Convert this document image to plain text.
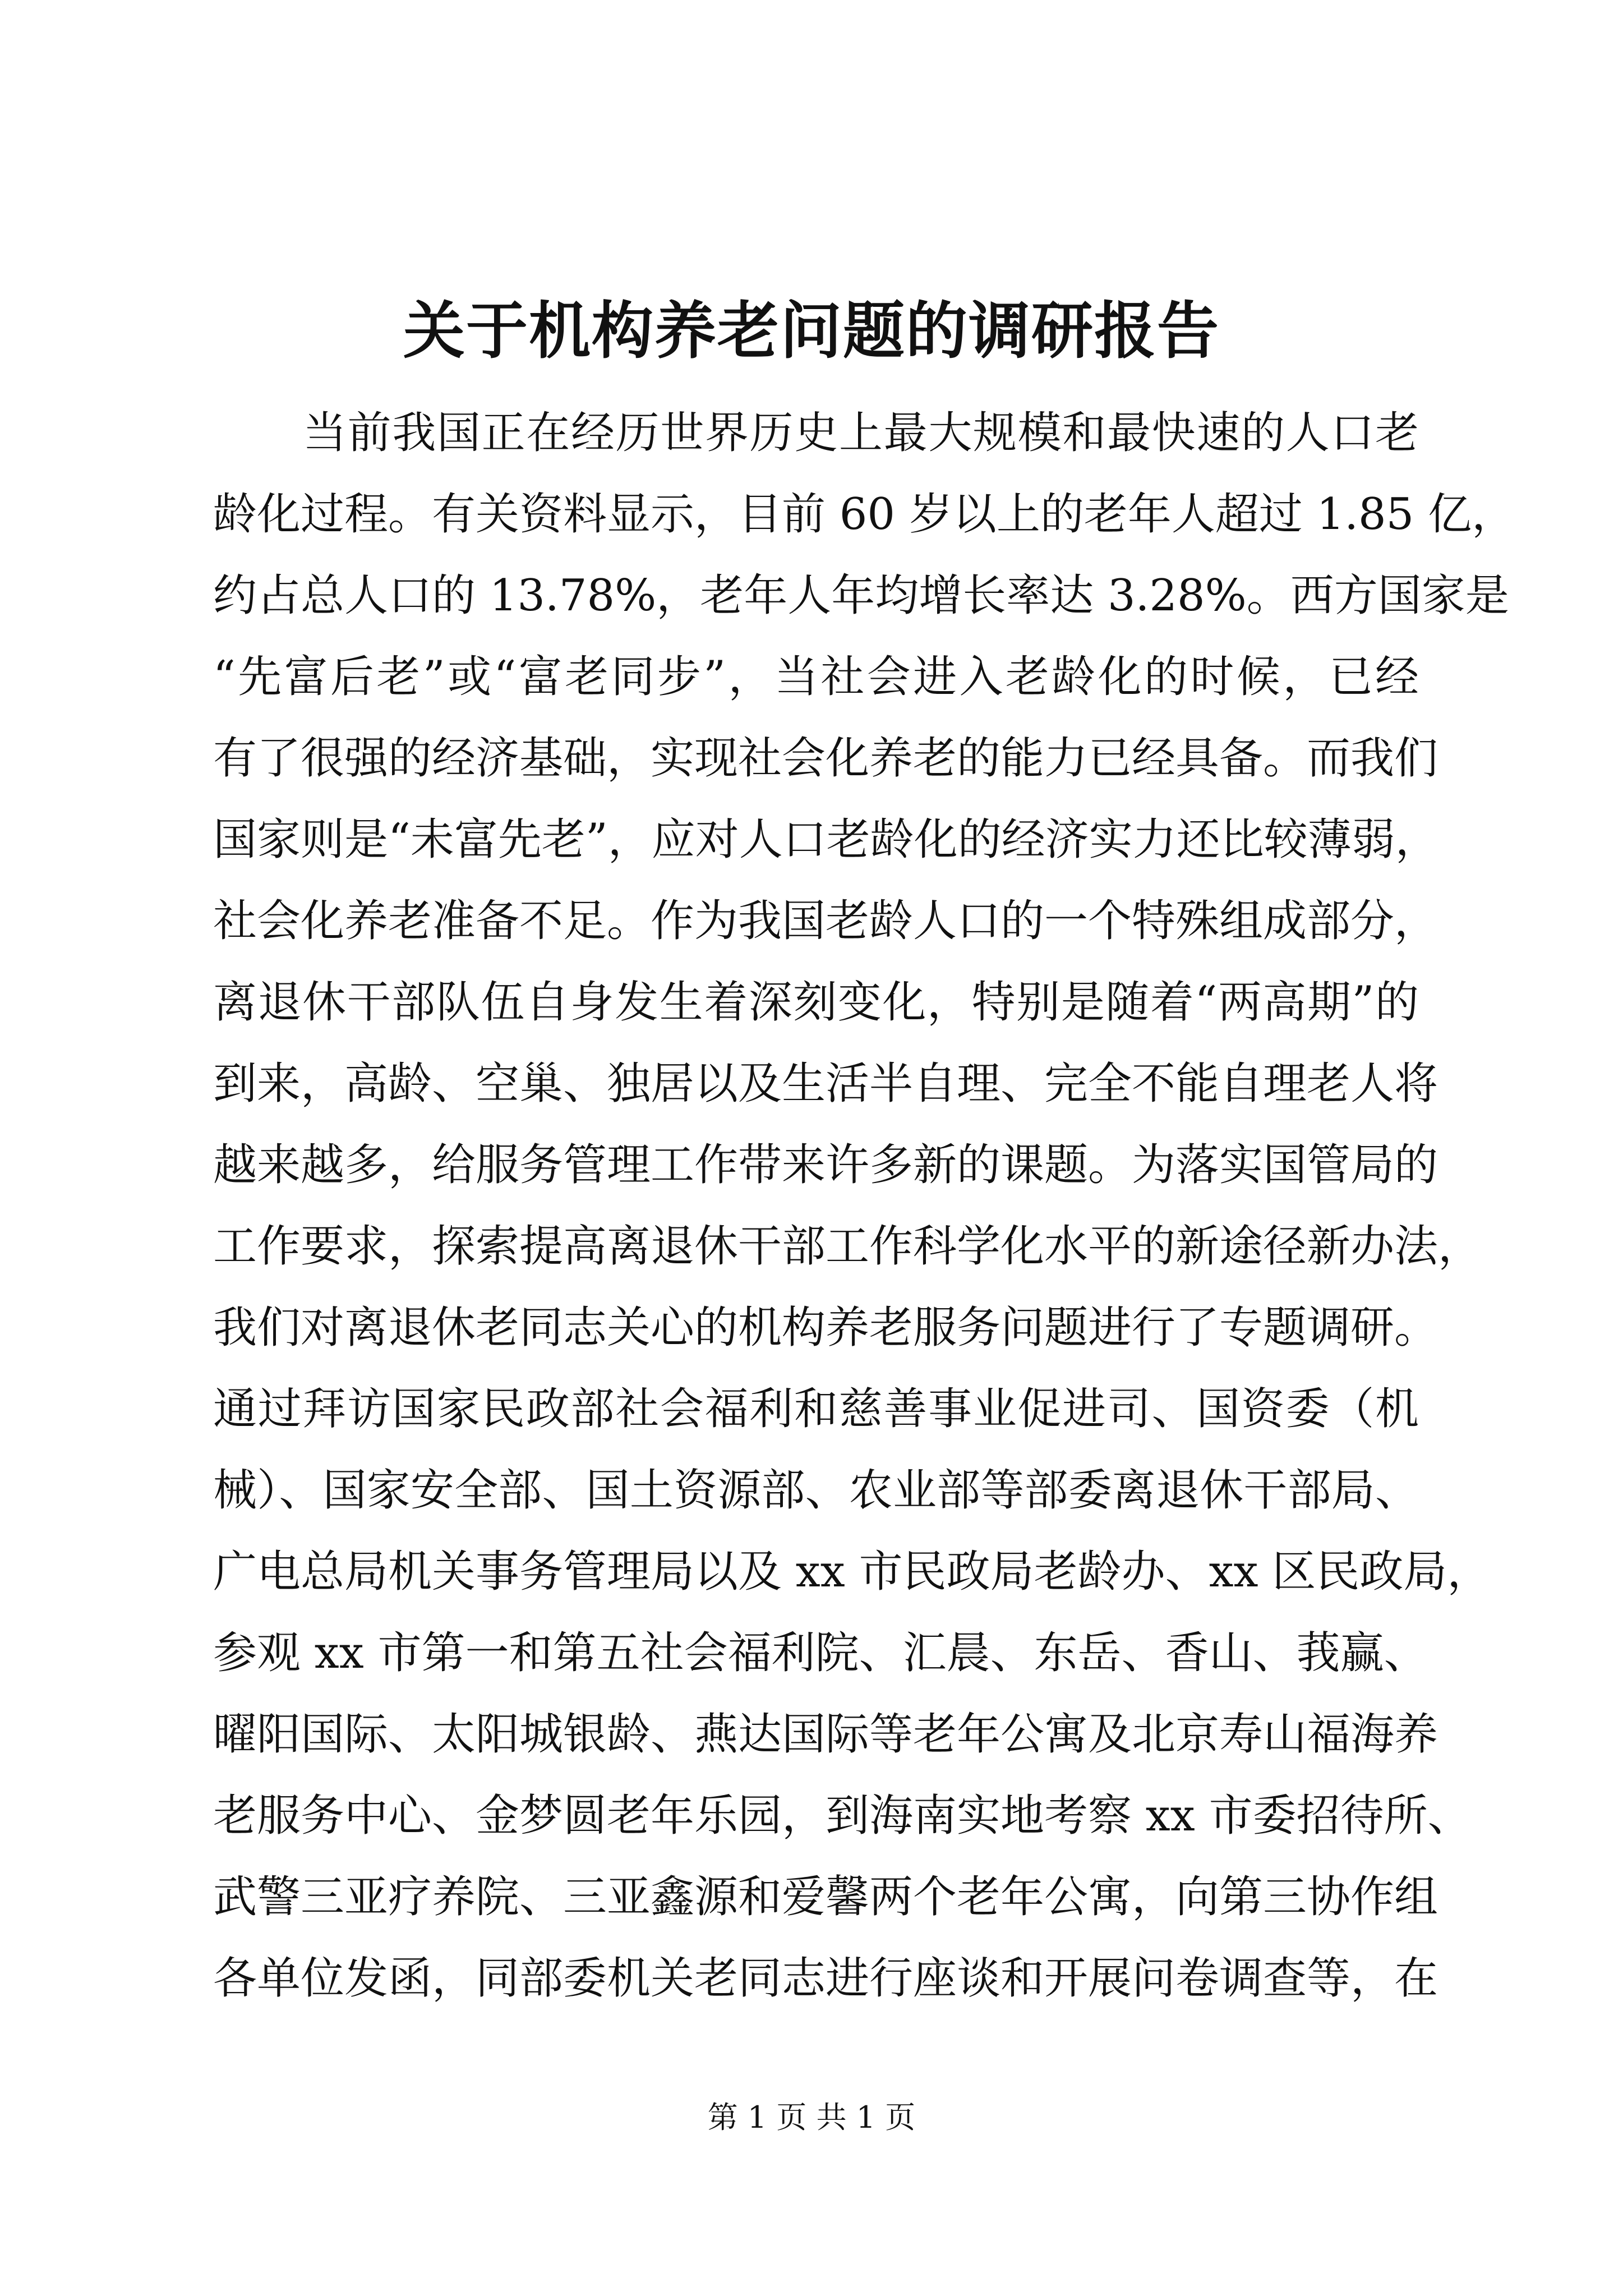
关于机构养老问题的调研报告
当前我国正在经历世界历史上最大规模和最快速的人口老
龄化过程。有关资料显示，目前 60 岁以上的老年人超过 1.85 亿，
约占总人口的 13.78%，老年人年均增长率达 3.28%。西方国家是
“先富后老”或“富老同步”，当社会进入老龄化的时候，已经
有了很强的经济基础，实现社会化养老的能力已经具备。而我们
国家则是“未富先老”，应对人口老龄化的经济实力还比较薄弱，
社会化养老准备不足。作为我国老龄人口的一个特殊组成部分，
离退休干部队伍自身发生着深刻变化，特别是随着“两高期”的
到来，高龄、空巢、独居以及生活半自理、完全不能自理老人将
越来越多，给服务管理工作带来许多新的课题。为落实国管局的
工作要求，探索提高离退休干部工作科学化水平的新途径新办法，
我们对离退休老同志关心的机构养老服务问题进行了专题调研。
通过拜访国家民政部社会福利和慈善事业促进司、国资委（机
械）、国家安全部、国土资源部、农业部等部委离退休干部局、
广电总局机关事务管理局以及 xx 市民政局老龄办、xx 区民政局，
参观 xx 市第一和第五社会福利院、汇晨、东岳、香山、莪赢、
曜阳国际、太阳城银龄、燕达国际等老年公寓及北京寿山福海养
老服务中心、金梦圆老年乐园，到海南实地考察 xx 市委招待所、
武警三亚疗养院、三亚鑫源和爱馨两个老年公寓，向第三协作组
各单位发函，同部委机关老同志进行座谈和开展问卷调查等，在
第 1 页 共 1 页
